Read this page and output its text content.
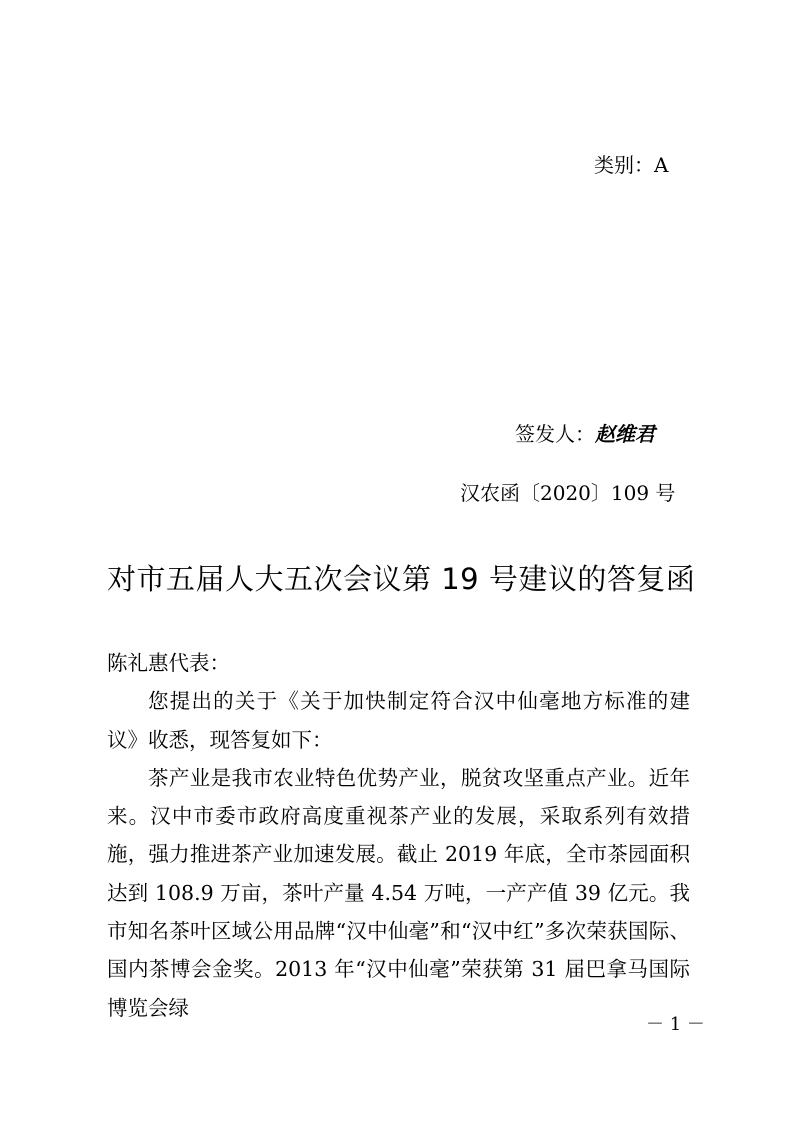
类别：A
签发人：赵维君
汉农函〔2020〕109 号
对市五届人大五次会议第 19 号建议的答复函

陈礼惠代表：

您提出的关于《关于加快制定符合汉中仙毫地方标准的建议》收悉，现答复如下：

茶产业是我市农业特色优势产业，脱贫攻坚重点产业。近年来。汉中市委市政府高度重视茶产业的发展，采取系列有效措施，强力推进茶产业加速发展。截止 2019 年底，全市茶园面积达到 108.9 万亩，茶叶产量 4.54 万吨，一产产值 39 亿元。我市知名茶叶区域公用品牌“汉中仙毫”和“汉中红”多次荣获国际、国内茶博会金奖。2013 年“汉中仙毫”荣获第 31 届巴拿马国际博览会绿

－ 1 －
